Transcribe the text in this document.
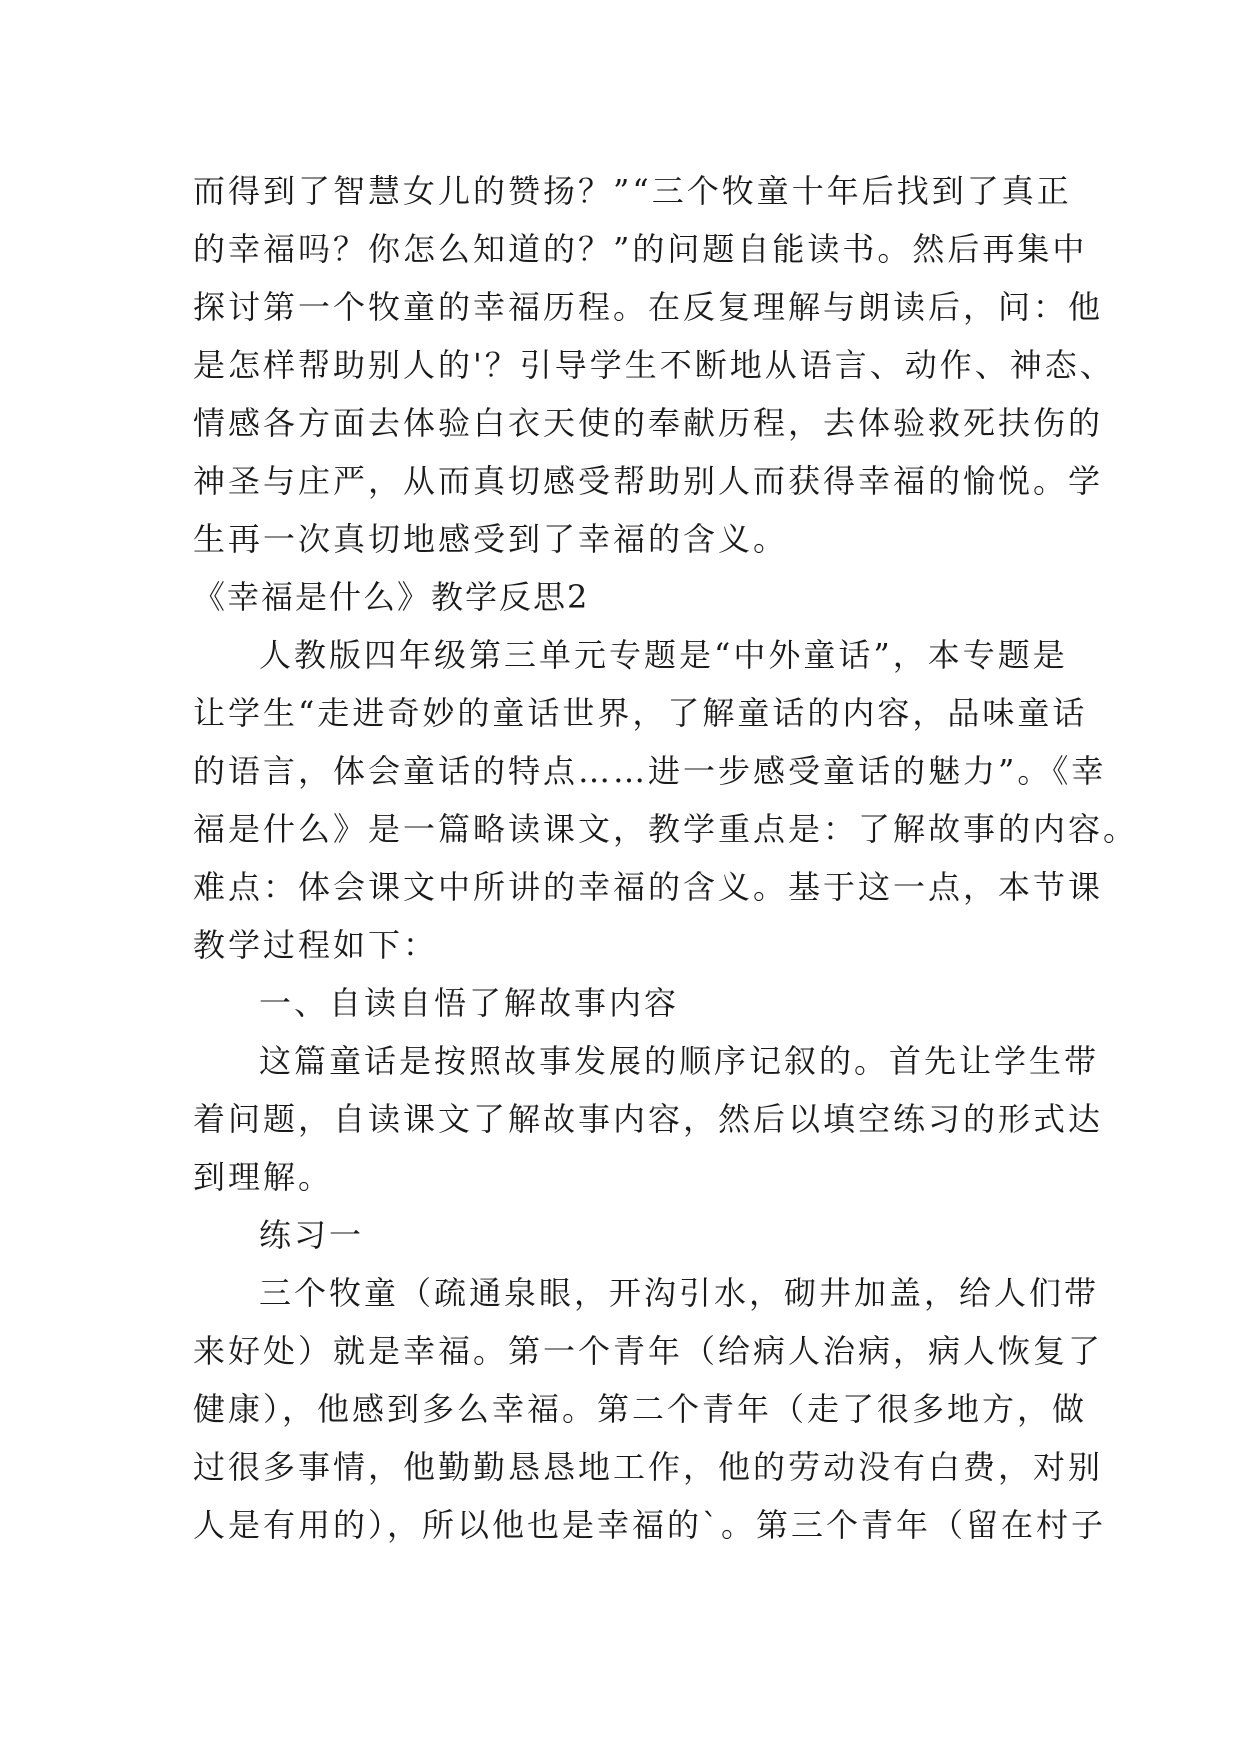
而得到了智慧女儿的赞扬？”“三个牧童十年后找到了真正
的幸福吗？你怎么知道的？”的问题自能读书。然后再集中
探讨第一个牧童的幸福历程。在反复理解与朗读后，问：他
是怎样帮助别人的'？引导学生不断地从语言、动作、神态、
情感各方面去体验白衣天使的奉献历程，去体验救死扶伤的
神圣与庄严，从而真切感受帮助别人而获得幸福的愉悦。学
生再一次真切地感受到了幸福的含义。
《幸福是什么》教学反思2
人教版四年级第三单元专题是“中外童话”，本专题是
让学生“走进奇妙的童话世界，了解童话的内容，品味童话
的语言，体会童话的特点……进一步感受童话的魅力”。《幸
福是什么》是一篇略读课文，教学重点是：了解故事的内容。
难点：体会课文中所讲的幸福的含义。基于这一点，本节课
教学过程如下：
一、自读自悟了解故事内容
这篇童话是按照故事发展的顺序记叙的。首先让学生带
着问题，自读课文了解故事内容，然后以填空练习的形式达
到理解。
练习一
三个牧童（疏通泉眼，开沟引水，砌井加盖，给人们带
来好处）就是幸福。第一个青年（给病人治病，病人恢复了
健康），他感到多么幸福。第二个青年（走了很多地方，做
过很多事情，他勤勤恳恳地工作，他的劳动没有白费，对别
人是有用的），所以他也是幸福的`。第三个青年（留在村子
